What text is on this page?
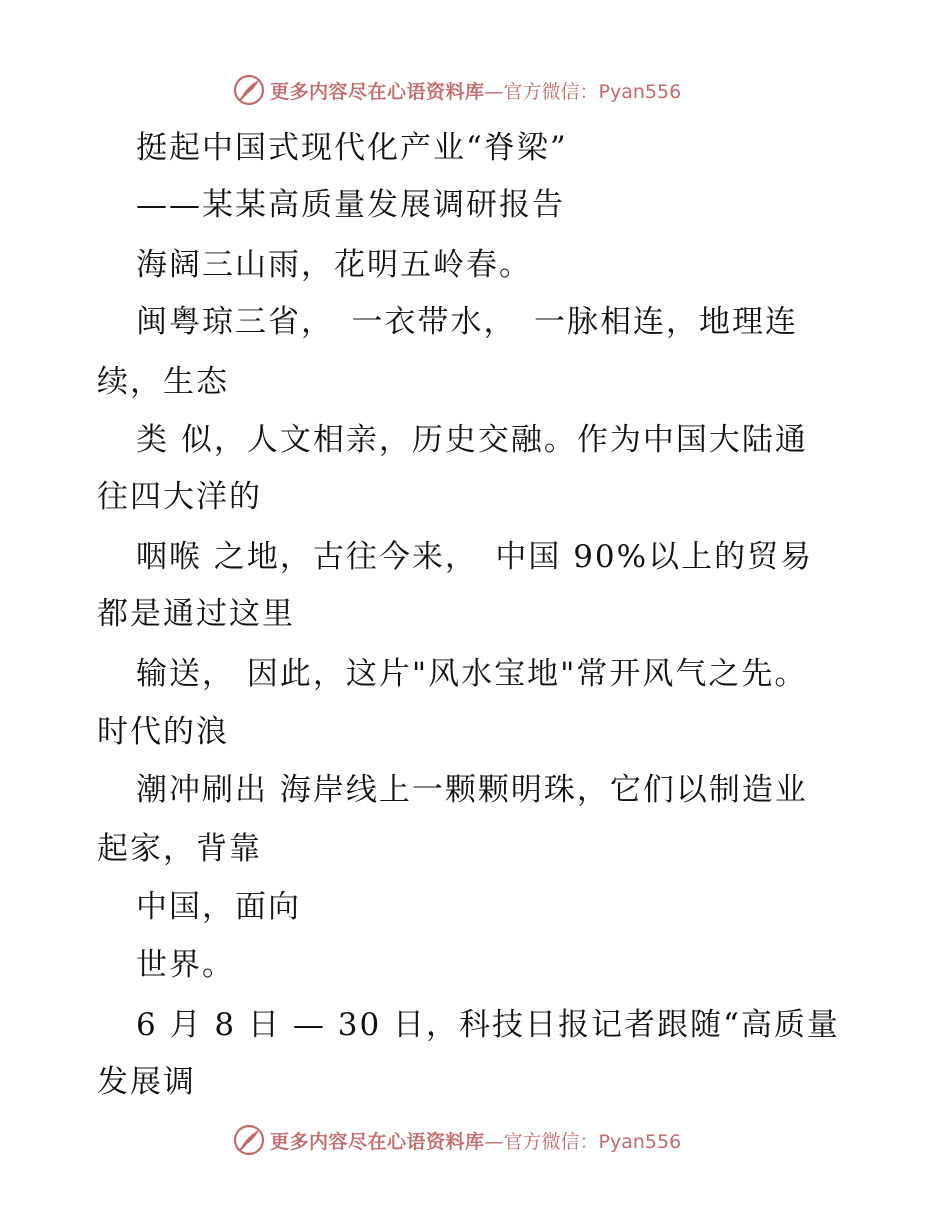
更多内容尽在心语资料库 —官方微信：Pyan556
挺起中国式现代化产业“脊梁”
——某某高质量发展调研报告
海阔三山雨，花明五岭春。
闽粤琼三省，　一衣带水，　一脉相连，地理连
续，生态
类 似，人文相亲，历史交融。作为中国大陆通
往四大洋的
咽喉 之地，古往今来，　中国 90%以上的贸易
都是通过这里
输送， 因此，这片"风水宝地"常开风气之先。
时代的浪
潮冲刷出 海岸线上一颗颗明珠，它们以制造业
起家，背靠
中国，面向
世界。
6 月 8 日 — 30 日，科技日报记者跟随“高质量
发展调
更多内容尽在心语资料库 —官方微信：Pyan556
